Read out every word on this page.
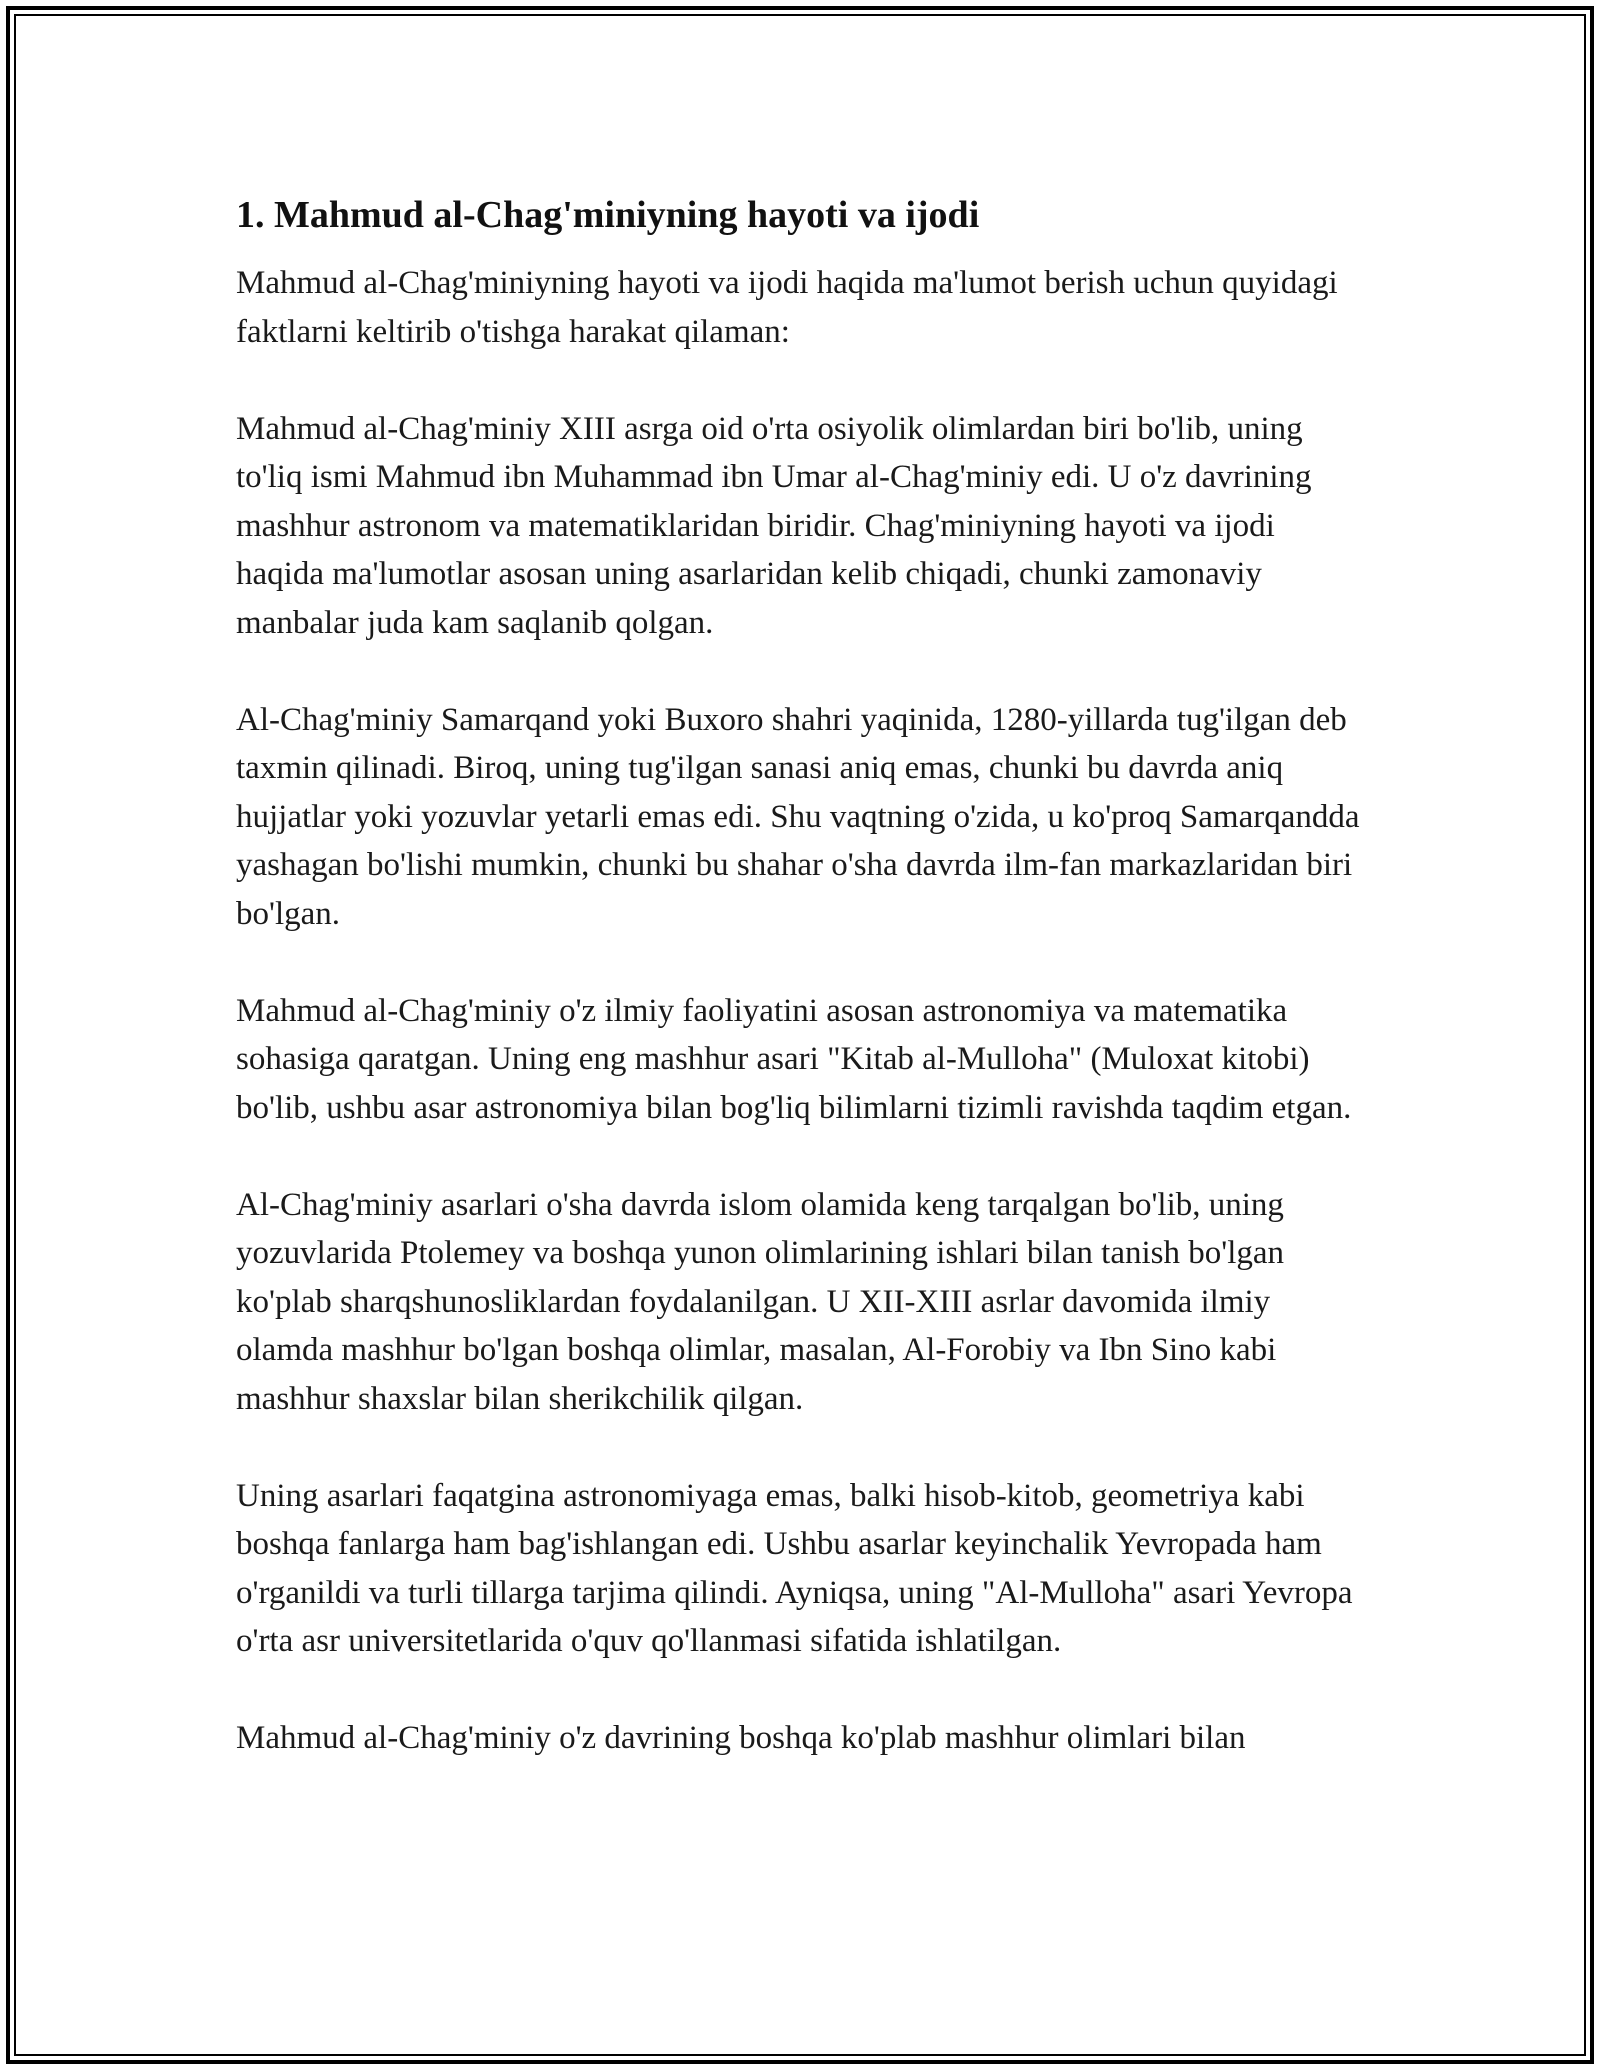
1. Mahmud al-Chag'miniyning hayoti va ijodi

Mahmud al-Chag'miniyning hayoti va ijodi haqida ma'lumot berish uchun quyidagi faktlarni keltirib o'tishga harakat qilaman:

Mahmud al-Chag'miniy XIII asrga oid o'rta osiyolik olimlardan biri bo'lib, uning to'liq ismi Mahmud ibn Muhammad ibn Umar al-Chag'miniy edi. U o'z davrining mashhur astronom va matematiklaridan biridir. Chag'miniyning hayoti va ijodi haqida ma'lumotlar asosan uning asarlaridan kelib chiqadi, chunki zamonaviy manbalar juda kam saqlanib qolgan.

Al-Chag'miniy Samarqand yoki Buxoro shahri yaqinida, 1280-yillarda tug'ilgan deb taxmin qilinadi. Biroq, uning tug'ilgan sanasi aniq emas, chunki bu davrda aniq hujjatlar yoki yozuvlar yetarli emas edi. Shu vaqtning o'zida, u ko'proq Samarqandda yashagan bo'lishi mumkin, chunki bu shahar o'sha davrda ilm-fan markazlaridan biri bo'lgan.

Mahmud al-Chag'miniy o'z ilmiy faoliyatini asosan astronomiya va matematika sohasiga qaratgan. Uning eng mashhur asari "Kitab al-Mulloha" (Muloxat kitobi) bo'lib, ushbu asar astronomiya bilan bog'liq bilimlarni tizimli ravishda taqdim etgan.

Al-Chag'miniy asarlari o'sha davrda islom olamida keng tarqalgan bo'lib, uning yozuvlarida Ptolemey va boshqa yunon olimlarining ishlari bilan tanish bo'lgan ko'plab sharqshunosliklardan foydalanilgan. U XII-XIII asrlar davomida ilmiy olamda mashhur bo'lgan boshqa olimlar, masalan, Al-Forobiy va Ibn Sino kabi mashhur shaxslar bilan sherikchilik qilgan.

Uning asarlari faqatgina astronomiyaga emas, balki hisob-kitob, geometriya kabi boshqa fanlarga ham bag'ishlangan edi. Ushbu asarlar keyinchalik Yevropada ham o'rganildi va turli tillarga tarjima qilindi. Ayniqsa, uning "Al-Mulloha" asari Yevropa o'rta asr universitetlarida o'quv qo'llanmasi sifatida ishlatilgan.

Mahmud al-Chag'miniy o'z davrining boshqa ko'plab mashhur olimlari bilan
